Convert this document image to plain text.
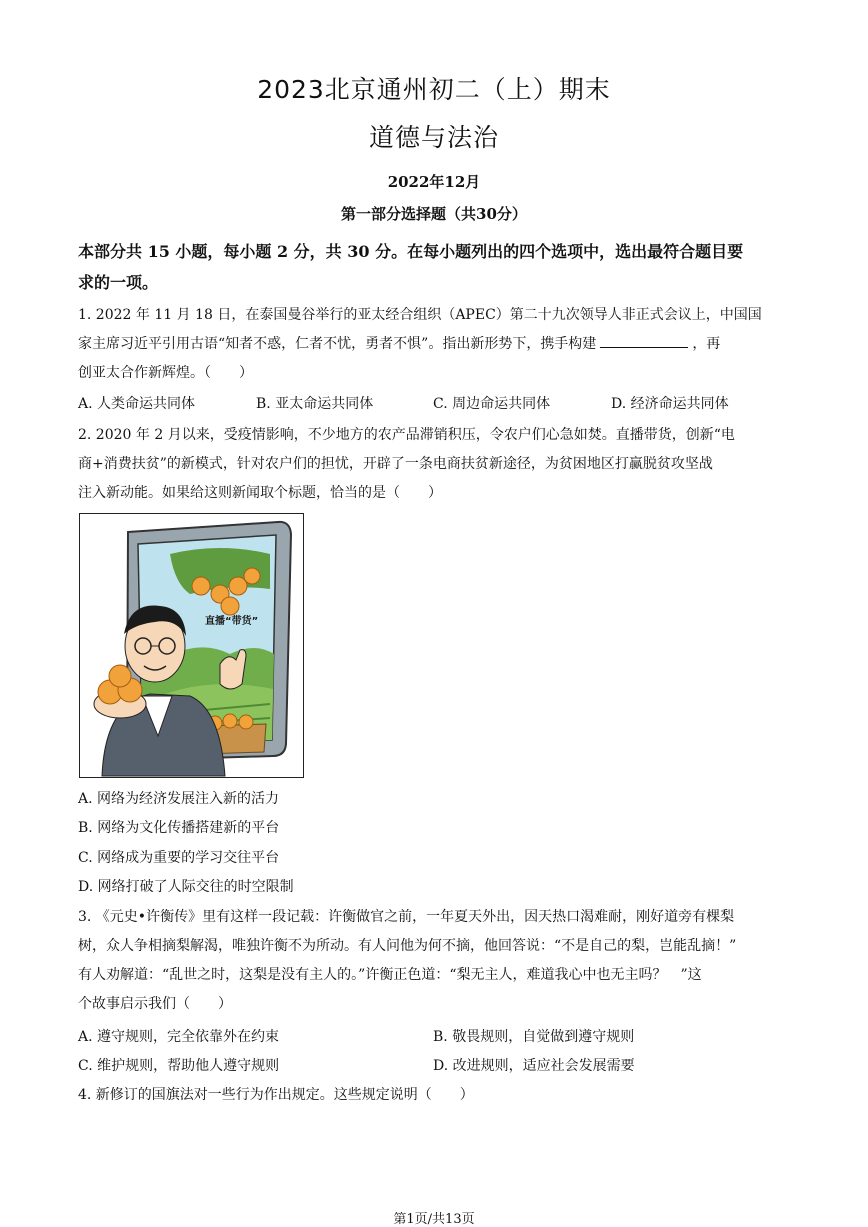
2023北京通州初二（上）期末
道德与法治
2022年12月
第一部分选择题（共30分）
本部分共 15 小题，每小题 2 分，共 30 分。在每小题列出的四个选项中，选出最符合题目要
求的一项。
1. 2022 年 11 月 18 日，在泰国曼谷举行的亚太经合组织（APEC）第二十九次领导人非正式会议上，中国国
家主席习近平引用古语“知者不惑，仁者不忧，勇者不惧”。指出新形势下，携手构建	，再
创亚太合作新辉煌。（　　）
A. 人类命运共同体	B. 亚太命运共同体	C. 周边命运共同体	D. 经济命运共同体
2. 2020 年 2 月以来，受疫情影响，不少地方的农产品滞销积压，令农户们心急如焚。直播带货，创新“电
商+消费扶贫”的新模式，针对农户们的担忧，开辟了一条电商扶贫新途径，为贫困地区打赢脱贫攻坚战
注入新动能。如果给这则新闻取个标题，恰当的是（　　）
直播“带货”
A. 网络为经济发展注入新的活力
B. 网络为文化传播搭建新的平台
C. 网络成为重要的学习交往平台
D. 网络打破了人际交往的时空限制
3. 《元史•许衡传》里有这样一段记载：许衡做官之前，一年夏天外出，因天热口渴难耐，刚好道旁有棵梨
树，众人争相摘梨解渴，唯独许衡不为所动。有人问他为何不摘，他回答说：“不是自己的梨，岂能乱摘！”
有人劝解道：“乱世之时，这梨是没有主人的。”许衡正色道：“梨无主人，难道我心中也无主吗？　”这
个故事启示我们（　　）
A. 遵守规则，完全依靠外在约束	B. 敬畏规则，自觉做到遵守规则
C. 维护规则，帮助他人遵守规则	D. 改进规则，适应社会发展需要
4. 新修订的国旗法对一些行为作出规定。这些规定说明（　　）
第1页/共13页
